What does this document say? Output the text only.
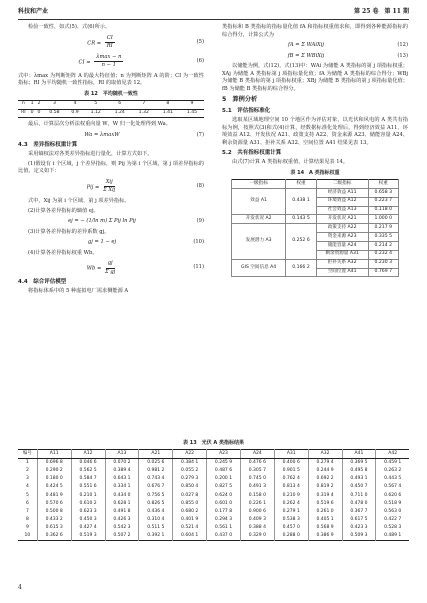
科技和产业	第 25 卷　第 11 期

检验一致性，如式(5)、式(6)所示。

CR = $\frac{CI}{RI}$	(5)
CI = $\frac{\lambda\max - n}{n - 1}$	(6)

式中：λmax 为判断矩阵 A 的最大特征值；n 为判断矩阵 A 的阶；CI 为一致性指标；RI 为平均随机一致性指标，RI 的取值见表 12。

表 12　平均随机一致性
n	1	2	3	4	5	6	7	8	9
RI	0	0	0.58	0.9	1.12	1.24	1.32	1.41	1.45

最后，计算层次分析法权重向量 W，W 归一化处理得到 Wa。

Wa = λmaxW	(7)
4.3　差异指标权重计算

采用熵权法对各类差异指标进行量化，计算方式如下。

(1)假设有 i 个区域，j 个差异指标，则 Pij 为第 i 个区域、第 j 项差异指标的比值，定义如下：

Pij = $\frac{\text{Xij}}{\text{Σ Xij}}$	(8)

式中，Xij 为第 i 个区域、第 j 项差异指标。

(2)计算各差异指标的熵值 ej。

ej = − (1/ln m) Σ Pij ln Pij	(9)

(3)计算各差异指标的差异系数 gj。

gj = 1 − ej	(10)

(4)计算各差异指标权重 Wb。

$Wb = \frac{gj}{\text{Σ gj}}$	(11)
4.4　综合评估模型

将指标体系中的 5 种虚拟电厂需求侧能源 A

类指标和 B 类指标的指标量化值 fA 和指标权重值求和，即得到各种能源指标的综合得分，计算公式为

fA = Σ WAiXij	(12)
fB = Σ WBiXij	(13)

以储能为例，式(12)、式(13)中：WAi 为储能 A 类指标的第 j 项指标权重；XAj 为储能 A 类指标第 j 项指标量化值；fA 为储能 A 类指标的综合得分；WBj 为储能 B 类指标的第 j 项指标权重；XBj 为储能 B 类指标的第 j 项指标量化值；fB 为储能 B 类指标的综合得分。

5　算例分析
5.1　评估指标准化

选取某区域地理空间 10 个地区作为评估对象，以光伏和风电的 A 类共有指标为例，按照式(3)和式(4)计算，经数据标准化处理后，得到经济效益 A11、环境效益 A12、开发状况 A21、政策支持 A22、资金来源 A23、储能容量 A24、剩余资源量 A31、拒补关系 A32、空间位置 A41 结果见表 13。

5.2　共有指标权重计算

由式(7)计算 A 类指标权重值，计算结果见表 14。

表 14　A 类指标权重
一级指标	权重	二级指标	权重
效益 A1	0.438 1	经济效益 A11	0.658 3
		环境效益 A12	0.223 7
		社会效益 A13	0.118 0
开发状况 A2	0.143 5	开发状况 A21	1.000 0
发展潜力 A3	0.252 6	政策支持 A22	0.217 9
		资金来源 A23	0.335 5
		储能容量 A24	0.214 2
		剩余资源量 A31	0.232 4
GIS 空间信息 A4	0.166 2	拒补关系 A32	0.230 3
		空间位置 A41	0.769 7
表 13　光伏 A 类指标结果
编号	A11	A12	A13	A21	A22	A23	A24	A31	A32	A41	A42
1	0.696 8	0.046 6	0.070 2	0.025 6	0.384 1	0.245 9	0.476 6	0.400 6	0.279 4	0.369 5	0.459 1
2	0.290 2	0.562 5	0.389 4	0.981 2	0.055 2	0.487 6	0.305 7	0.901 5	0.244 9	0.495 8	0.263 2
3	0.180 0	0.584 7	0.643 1	0.743 4	0.279 3	0.200 1	0.745 0	0.762 4	0.692 2	0.493 1	0.443 5
4	0.424 5	0.551 6	0.334 1	0.676 7	0.850 4	0.827 5	0.491 3	0.813 4	0.819 2	0.450 7	0.567 4
5	0.481 9	0.210 1	0.434 0	0.756 5	0.027 8	0.624 0	0.158 0	0.210 9	0.319 4	0.711 0	0.620 6
6	0.570 6	0.610 2	0.628 1	0.826 5	0.855 0	0.601 0	0.226 1	0.262 4	0.519 6	0.478 0	0.518 9
7	0.500 8	0.623 3	0.491 8	0.436 4	0.680 2	0.177 8	0.900 6	0.279 1	0.261 0	0.367 7	0.563 0
8	0.433 2	0.450 3	0.426 3	0.310 4	0.401 9	0.294 3	0.409 3	0.538 3	0.405 1	0.617 5	0.422 7
9	0.615 3	0.427 4	0.542 3	0.511 5	0.521 4	0.561 1	0.388 4	0.457 0	0.568 9	0.423 3	0.528 3
10	0.362 6	0.519 3	0.507 2	0.392 1	0.604 1	0.437 0	0.329 0	0.288 0	0.386 9	0.509 3	0.489 1
4
